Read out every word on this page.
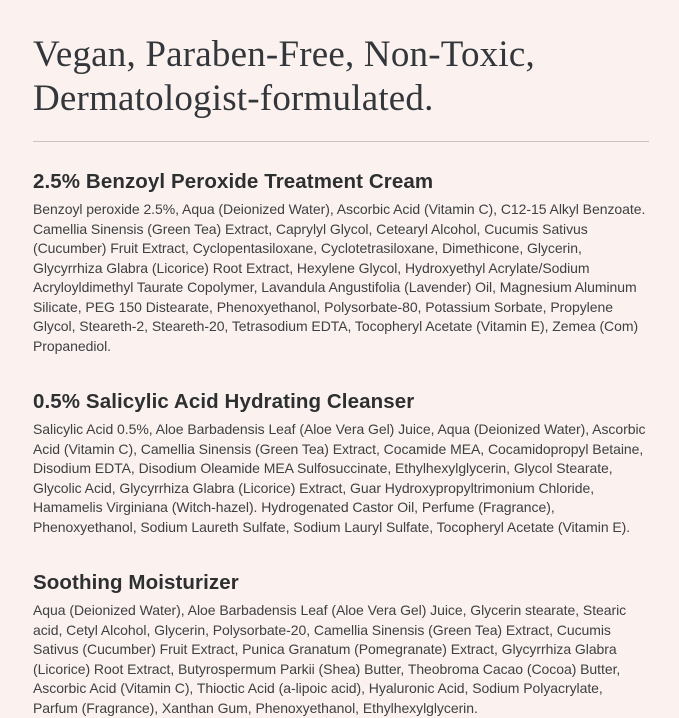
Vegan, Paraben-Free, Non-Toxic, Dermatologist-formulated.
2.5% Benzoyl Peroxide Treatment Cream

Benzoyl peroxide 2.5%, Aqua (Deionized Water), Ascorbic Acid (Vitamin C), C12-15 Alkyl Benzoate. Camellia Sinensis (Green Tea) Extract, Caprylyl Glycol, Cetearyl Alcohol, Cucumis Sativus (Cucumber) Fruit Extract, Cyclopentasiloxane, Cyclotetrasiloxane, Dimethicone, Glycerin, Glycyrrhiza Glabra (Licorice) Root Extract, Hexylene Glycol, Hydroxyethyl Acrylate/Sodium Acryloyldimethyl Taurate Copolymer, Lavandula Angustifolia (Lavender) Oil, Magnesium Aluminum Silicate, PEG 150 Distearate, Phenoxyethanol, Polysorbate-80, Potassium Sorbate, Propylene Glycol, Steareth-2, Steareth-20, Tetrasodium EDTA, Tocopheryl Acetate (Vitamin E), Zemea (Com) Propanediol.

0.5% Salicylic Acid Hydrating Cleanser

Salicylic Acid 0.5%, Aloe Barbadensis Leaf (Aloe Vera Gel) Juice, Aqua (Deionized Water), Ascorbic Acid (Vitamin C), Camellia Sinensis (Green Tea) Extract, Cocamide MEA, Cocamidopropyl Betaine, Disodium EDTA, Disodium Oleamide MEA Sulfosuccinate, Ethylhexylglycerin, Glycol Stearate, Glycolic Acid, Glycyrrhiza Glabra (Licorice) Extract, Guar Hydroxypropyltrimonium Chloride, Hamamelis Virginiana (Witch-hazel). Hydrogenated Castor Oil, Perfume (Fragrance), Phenoxyethanol, Sodium Laureth Sulfate, Sodium Lauryl Sulfate, Tocopheryl Acetate (Vitamin E).

Soothing Moisturizer

Aqua (Deionized Water), Aloe Barbadensis Leaf (Aloe Vera Gel) Juice, Glycerin stearate, Stearic acid, Cetyl Alcohol, Glycerin, Polysorbate-20, Camellia Sinensis (Green Tea) Extract, Cucumis Sativus (Cucumber) Fruit Extract, Punica Granatum (Pomegranate) Extract, Glycyrrhiza Glabra (Licorice) Root Extract, Butyrospermum Parkii (Shea) Butter, Theobroma Cacao (Cocoa) Butter, Ascorbic Acid (Vitamin C), Thioctic Acid (a-lipoic acid), Hyaluronic Acid, Sodium Polyacrylate, Parfum (Fragrance), Xanthan Gum, Phenoxyethanol, Ethylhexylglycerin.
